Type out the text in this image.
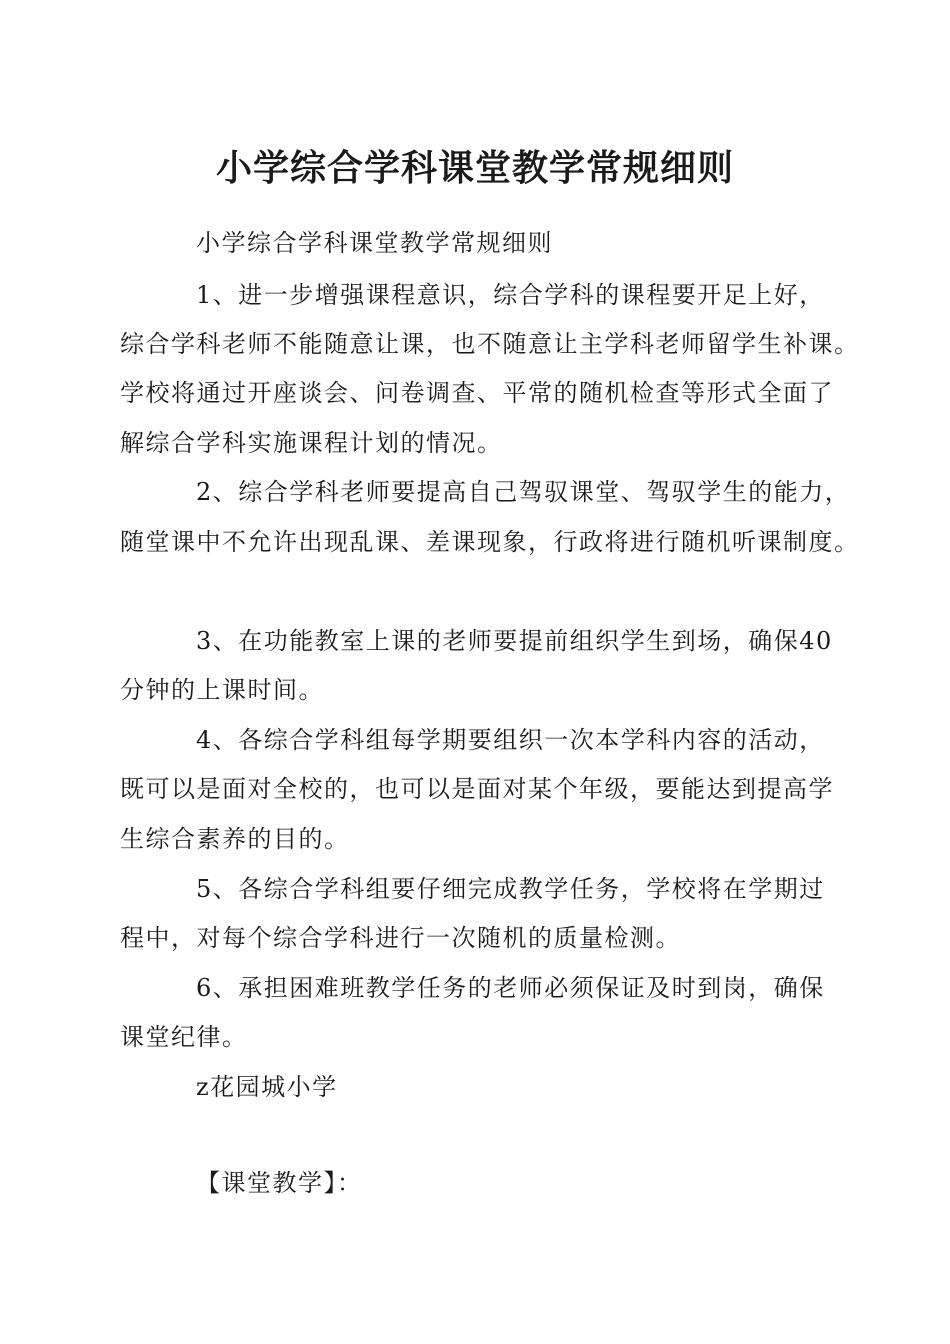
小学综合学科课堂教学常规细则

小学综合学科课堂教学常规细则

1、进一步增强课程意识，综合学科的课程要开足上好，

综合学科老师不能随意让课，也不随意让主学科老师留学生补课。

学校将通过开座谈会、问卷调查、平常的随机检查等形式全面了

解综合学科实施课程计划的情况。

2、综合学科老师要提高自己驾驭课堂、驾驭学生的能力，

随堂课中不允许出现乱课、差课现象，行政将进行随机听课制度。

3、在功能教室上课的老师要提前组织学生到场，确保40

分钟的上课时间。

4、各综合学科组每学期要组织一次本学科内容的活动，

既可以是面对全校的，也可以是面对某个年级，要能达到提高学

生综合素养的目的。

5、各综合学科组要仔细完成教学任务，学校将在学期过

程中，对每个综合学科进行一次随机的质量检测。

6、承担困难班教学任务的老师必须保证及时到岗，确保

课堂纪律。

z花园城小学

【课堂教学】：
